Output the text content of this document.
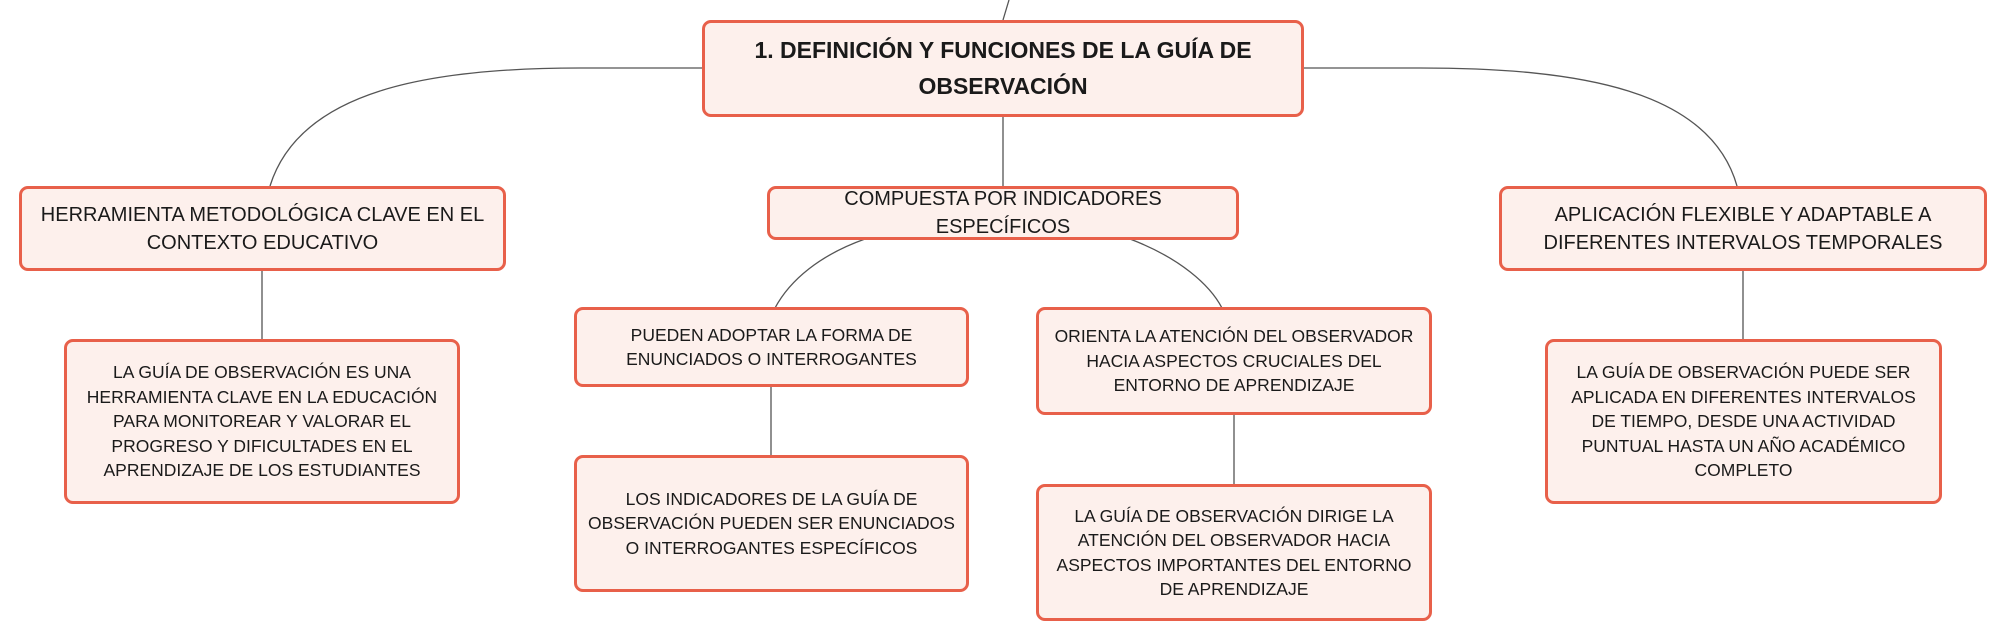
1. DEFINICIÓN Y FUNCIONES DE LA GUÍA DE OBSERVACIÓN
HERRAMIENTA METODOLÓGICA CLAVE EN EL CONTEXTO EDUCATIVO
COMPUESTA POR INDICADORES ESPECÍFICOS
APLICACIÓN FLEXIBLE Y ADAPTABLE A DIFERENTES INTERVALOS TEMPORALES
LA GUÍA DE OBSERVACIÓN ES UNA HERRAMIENTA CLAVE EN LA EDUCACIÓN PARA MONITOREAR Y VALORAR EL PROGRESO Y DIFICULTADES EN EL APRENDIZAJE DE LOS ESTUDIANTES
PUEDEN ADOPTAR LA FORMA DE ENUNCIADOS O INTERROGANTES
ORIENTA LA ATENCIÓN DEL OBSERVADOR HACIA ASPECTOS CRUCIALES DEL ENTORNO DE APRENDIZAJE
LOS INDICADORES DE LA GUÍA DE OBSERVACIÓN PUEDEN SER ENUNCIADOS O INTERROGANTES ESPECÍFICOS
LA GUÍA DE OBSERVACIÓN DIRIGE LA ATENCIÓN DEL OBSERVADOR HACIA ASPECTOS IMPORTANTES DEL ENTORNO DE APRENDIZAJE
LA GUÍA DE OBSERVACIÓN PUEDE SER APLICADA EN DIFERENTES INTERVALOS DE TIEMPO, DESDE UNA ACTIVIDAD PUNTUAL HASTA UN AÑO ACADÉMICO COMPLETO
